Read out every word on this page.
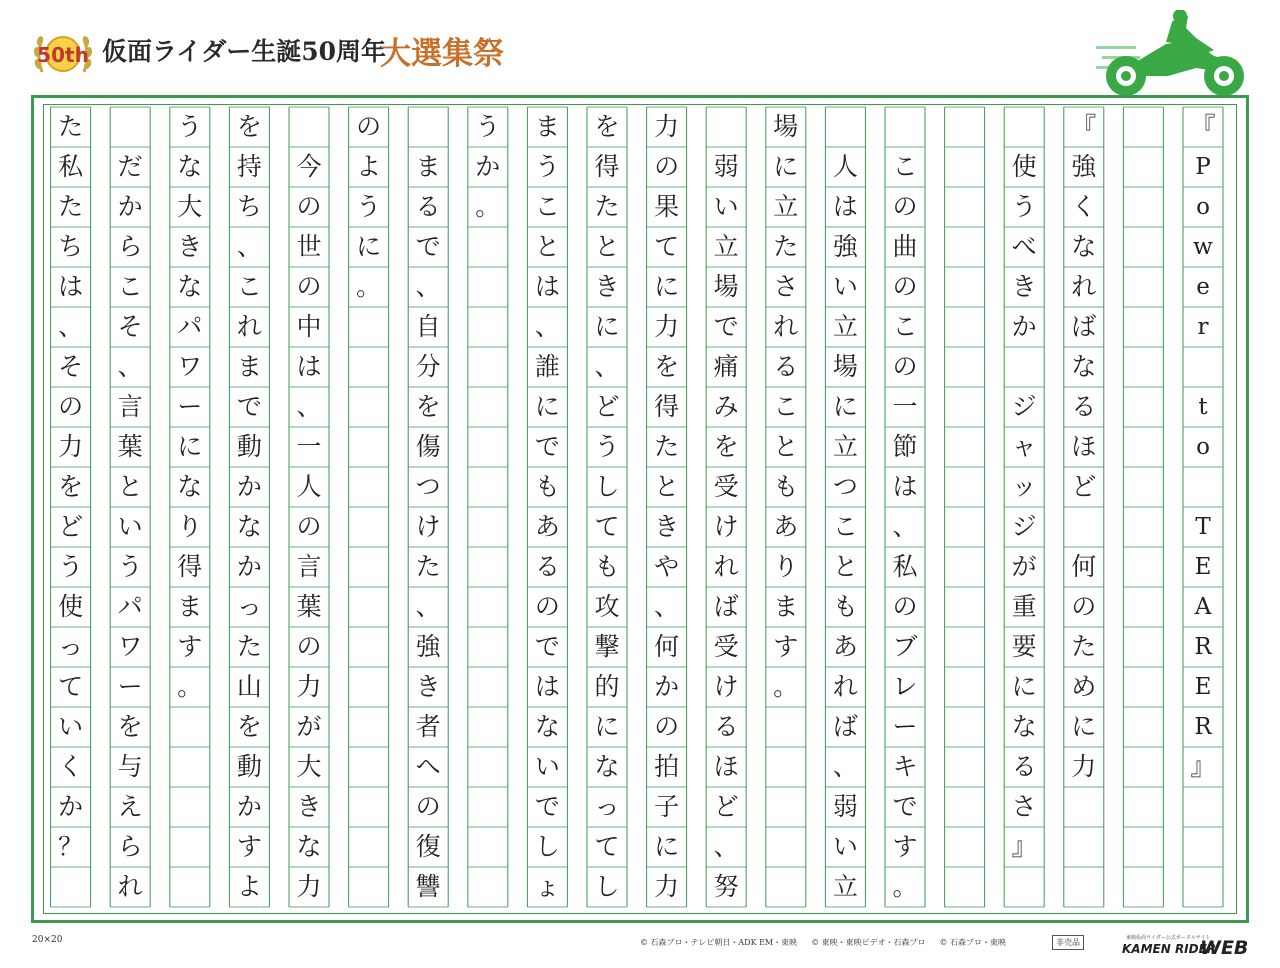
50th 仮面ライダー生誕50周年
大選集祭
『
P
o
w
e
r
t
o
T
E
A
R
E
R
』
『
強
く
な
れ
ば
な
る
ほ
ど
何
の
た
め
に
力
使
う
べ
き
か
ジ
ャ
ッ
ジ
が
重
要
に
な
る
さ
』
こ
の
曲
の
こ
の
一
節
は
、
私
の
ブ
レ
ー
キ
で
す
。
人
は
強
い
立
場
に
立
つ
こ
と
も
あ
れ
ば
、
弱
い
立
場
に
立
た
さ
れ
る
こ
と
も
あ
り
ま
す
。
弱
い
立
場
で
痛
み
を
受
け
れ
ば
受
け
る
ほ
ど
、
努
力
の
果
て
に
力
を
得
た
と
き
や
、
何
か
の
拍
子
に
力
を
得
た
と
き
に
、
ど
う
し
て
も
攻
撃
的
に
な
っ
て
し
ま
う
こ
と
は
、
誰
に
で
も
あ
る
の
で
は
な
い
で
し
ょ
う
か
。
ま
る
で
、
自
分
を
傷
つ
け
た
、
強
き
者
へ
の
復
讐
の
よ
う
に
。
今
の
世
の
中
は
、
一
人
の
言
葉
の
力
が
大
き
な
力
を
持
ち
、
こ
れ
ま
で
動
か
な
か
っ
た
山
を
動
か
す
よ
う
な
大
き
な
パ
ワ
ー
に
な
り
得
ま
す
。
だ
か
ら
こ
そ
、
言
葉
と
い
う
パ
ワ
ー
を
与
え
ら
れ
た
私
た
ち
は
、
そ
の
力
を
ど
う
使
っ
て
い
く
か
？
20×20	© 石森プロ・テレビ朝日・ADK EM・東映 © 東映・東映ビデオ・石森プロ © 石森プロ・東映	非売品	東映仮面ライダー公式ポータルサイト
KAMEN RIDER
WEB
